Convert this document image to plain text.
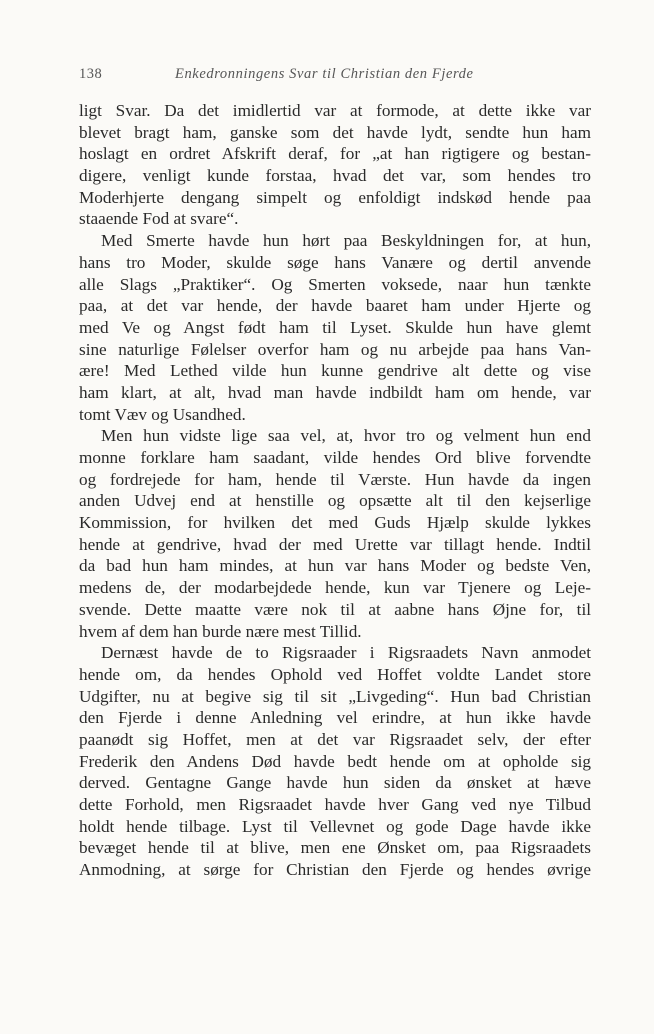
138	Enkedronningens Svar til Christian den Fjerde
ligt Svar. Da det imidlertid var at formode, at dette ikke var
blevet bragt ham, ganske som det havde lydt, sendte hun ham
hoslagt en ordret Afskrift deraf, for „at han rigtigere og bestan-
digere, venligt kunde forstaa, hvad det var, som hendes tro
Moderhjerte dengang simpelt og enfoldigt indskød hende paa
staaende Fod at svare“.
Med Smerte havde hun hørt paa Beskyldningen for, at hun,
hans tro Moder, skulde søge hans Vanære og dertil anvende
alle Slags „Praktiker“. Og Smerten voksede, naar hun tænkte
paa, at det var hende, der havde baaret ham under Hjerte og
med Ve og Angst født ham til Lyset. Skulde hun have glemt
sine naturlige Følelser overfor ham og nu arbejde paa hans Van-
ære! Med Lethed vilde hun kunne gendrive alt dette og vise
ham klart, at alt, hvad man havde indbildt ham om hende, var
tomt Væv og Usandhed.
Men hun vidste lige saa vel, at, hvor tro og velment hun end
monne forklare ham saadant, vilde hendes Ord blive forvendte
og fordrejede for ham, hende til Værste. Hun havde da ingen
anden Udvej end at henstille og opsætte alt til den kejserlige
Kommission, for hvilken det med Guds Hjælp skulde lykkes
hende at gendrive, hvad der med Urette var tillagt hende. Indtil
da bad hun ham mindes, at hun var hans Moder og bedste Ven,
medens de, der modarbejdede hende, kun var Tjenere og Leje-
svende. Dette maatte være nok til at aabne hans Øjne for, til
hvem af dem han burde nære mest Tillid.
Dernæst havde de to Rigsraader i Rigsraadets Navn anmodet
hende om, da hendes Ophold ved Hoffet voldte Landet store
Udgifter, nu at begive sig til sit „Livgeding“. Hun bad Christian
den Fjerde i denne Anledning vel erindre, at hun ikke havde
paanødt sig Hoffet, men at det var Rigsraadet selv, der efter
Frederik den Andens Død havde bedt hende om at opholde sig
derved. Gentagne Gange havde hun siden da ønsket at hæve
dette Forhold, men Rigsraadet havde hver Gang ved nye Tilbud
holdt hende tilbage. Lyst til Vellevnet og gode Dage havde ikke
bevæget hende til at blive, men ene Ønsket om, paa Rigsraadets
Anmodning, at sørge for Christian den Fjerde og hendes øvrige
